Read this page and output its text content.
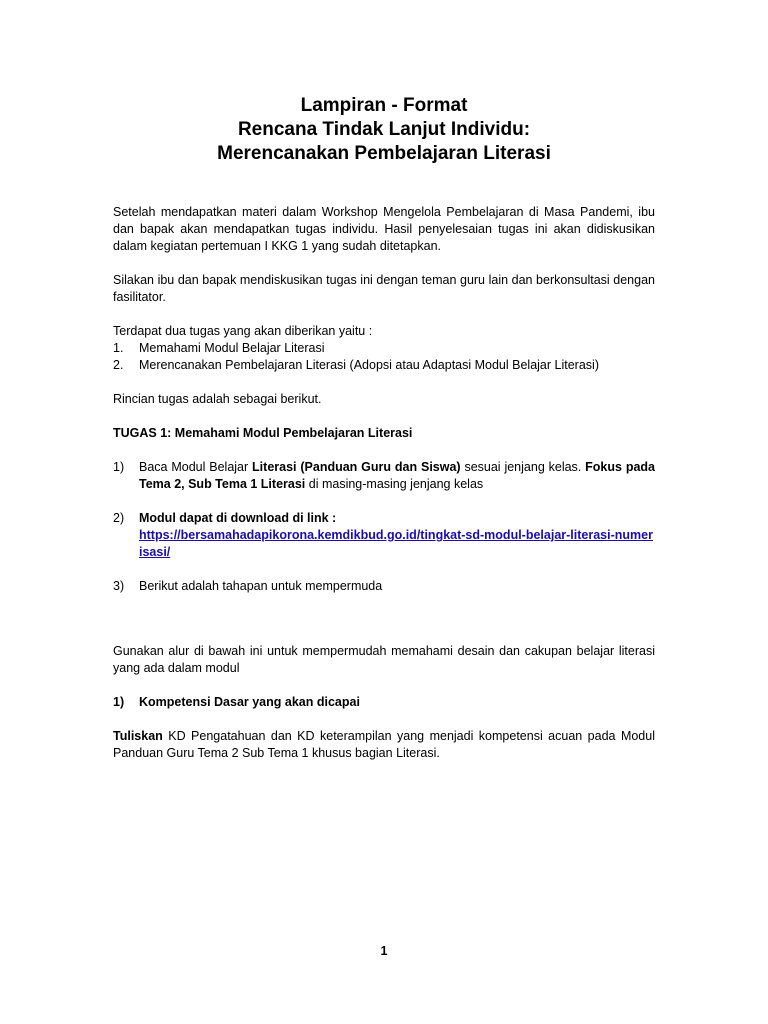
Lampiran - Format

Rencana Tindak Lanjut Individu:

Merencanakan Pembelajaran Literasi

Setelah mendapatkan materi dalam Workshop Mengelola Pembelajaran di Masa Pandemi, ibu dan bapak akan mendapatkan tugas individu. Hasil penyelesaian tugas ini akan didiskusikan dalam kegiatan pertemuan I KKG 1 yang sudah ditetapkan.

Silakan ibu dan bapak mendiskusikan tugas ini dengan teman guru lain dan berkonsultasi dengan fasilitator.

Terdapat dua tugas yang akan diberikan yaitu :

1.	Memahami Modul Belajar Literasi
2.	Merencanakan Pembelajaran Literasi (Adopsi atau Adaptasi Modul Belajar Literasi)

Rincian tugas adalah sebagai berikut.

TUGAS 1: Memahami Modul Pembelajaran Literasi

1)	Baca Modul Belajar Literasi (Panduan Guru dan Siswa) sesuai jenjang kelas. Fokus pada Tema 2, Sub Tema 1 Literasi di masing-masing jenjang kelas
2)	Modul dapat di download di link :
https://bersamahadapikorona.kemdikbud.go.id/tingkat-sd-modul-belajar-literasi-numerisasi/
3)	Berikut adalah tahapan untuk mempermuda

Gunakan alur di bawah ini untuk mempermudah memahami desain dan cakupan belajar literasi yang ada dalam modul

1)	Kompetensi Dasar yang akan dicapai

Tuliskan KD Pengatahuan dan KD keterampilan yang menjadi kompetensi acuan pada Modul Panduan Guru Tema 2 Sub Tema 1 khusus bagian Literasi.

1
